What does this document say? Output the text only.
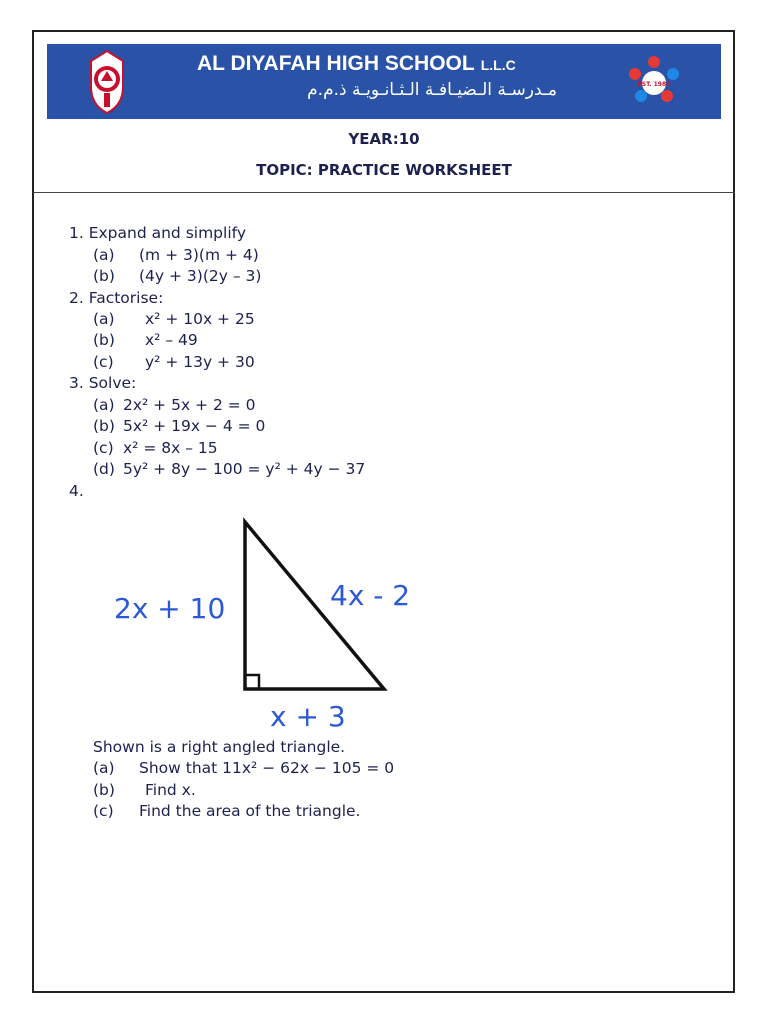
AL DIYAFAH HIGH SCHOOL L.L.C
مـدرسـة الـضيـافـة الـثـانـويـة ذ.م.م	EST. 1982
YEAR:10
TOPIC: PRACTICE WORKSHEET
1. Expand and simplify
(a) (m + 3)(m + 4)
(b) (4y + 3)(2y – 3)
2. Factorise:
(a) x² + 10x + 25
(b) x² – 49
(c) y² + 13y + 30
3. Solve:
(a) 2x² + 5x + 2 = 0
(b) 5x² + 19x − 4 = 0
(c) x² = 8x – 15
(d) 5y² + 8y − 100 = y² + 4y − 37
4.
2x + 10	4x - 2
x + 3
Shown is a right angled triangle.
(a) Show that 11x² − 62x − 105 = 0
(b) Find x.
(c) Find the area of the triangle.
